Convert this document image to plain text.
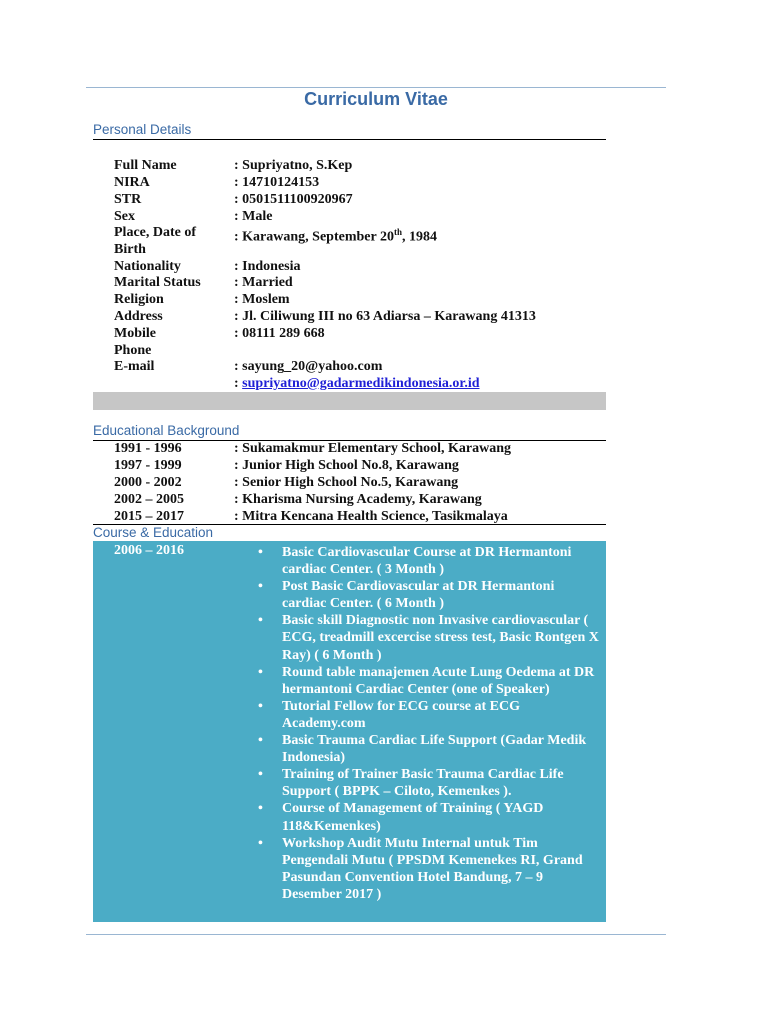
Curriculum Vitae
Personal Details
Full Name	: Supriyatno, S.Kep
NIRA	: 14710124153
STR	: 0501511100920967
Sex	: Male
Place, Date of	: Karawang, September 20th, 1984
Birth
Nationality	: Indonesia
Marital Status : Married
Religion	: Moslem
Address	: Jl. Ciliwung III no 63 Adiarsa – Karawang 41313
Mobile	: 08111 289 668
Phone
E-mail	: sayung_20@yahoo.com
: supriyatno@gadarmedikindonesia.or.id
Educational Background
1991 - 1996	: Sukamakmur Elementary School, Karawang
1997 - 1999	: Junior High School No.8, Karawang
2000 - 2002	: Senior High School No.5, Karawang
2002 – 2005	: Kharisma Nursing Academy, Karawang
2015 – 2017	: Mitra Kencana Health Science, Tasikmalaya
Course & Education
2006 – 2016	• Basic Cardiovascular Course at DR Hermantoni cardiac Center. ( 3 Month )
• Post Basic Cardiovascular at DR Hermantoni cardiac Center. ( 6 Month )
• Basic skill Diagnostic non Invasive cardiovascular ( ECG, treadmill excercise stress test, Basic Rontgen X Ray) ( 6 Month )
• Round table manajemen Acute Lung Oedema at DR hermantoni Cardiac Center (one of Speaker)
• Tutorial Fellow for ECG course at ECG Academy.com
• Basic Trauma Cardiac Life Support (Gadar Medik Indonesia)
• Training of Trainer Basic Trauma Cardiac Life Support ( BPPK – Ciloto, Kemenkes ).
• Course of Management of Training ( YAGD 118&Kemenkes)
• Workshop Audit Mutu Internal untuk Tim Pengendali Mutu ( PPSDM Kemenekes RI, Grand Pasundan Convention Hotel Bandung, 7 – 9 Desember 2017 )
